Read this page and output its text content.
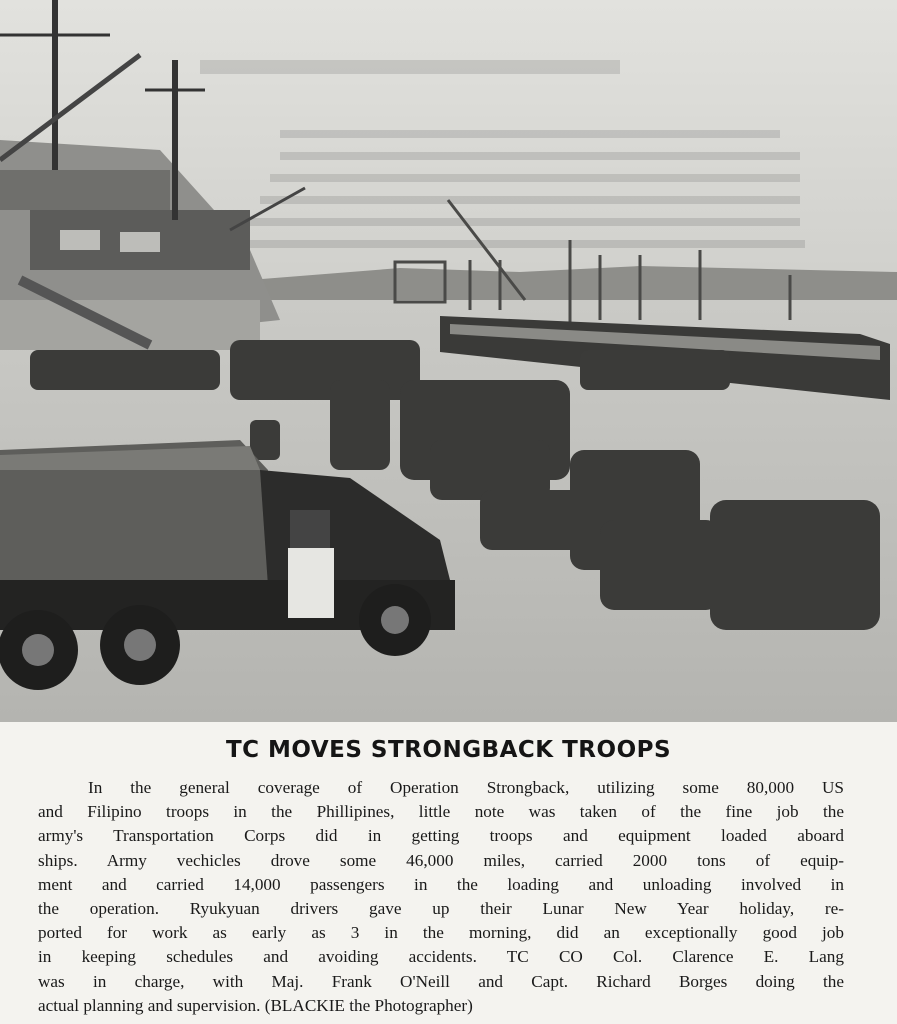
TC MOVES STRONGBACK TROOPS
In the general coverage of Operation Strongback, utilizing some 80,000 US
and Filipino troops in the Phillipines, little note was taken of the fine job the
army's Transportation Corps did in getting troops and equipment loaded aboard
ships. Army vechicles drove some 46,000 miles, carried 2000 tons of equip-
ment and carried 14,000 passengers in the loading and unloading involved in
the operation. Ryukyuan drivers gave up their Lunar New Year holiday, re-
ported for work as early as 3 in the morning, did an exceptionally good job
in keeping schedules and avoiding accidents. TC CO Col. Clarence E. Lang
was in charge, with Maj. Frank O'Neill and Capt. Richard Borges doing the
actual planning and supervision. (BLACKIE the Photographer)
